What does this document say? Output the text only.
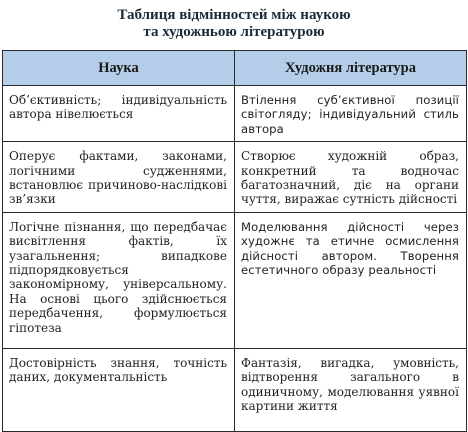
Таблиця відмінностей між наукою
та художньою літературою
Наука	Художня література
Об’єктивність; індивідуальність автора нівелюється	Втілення суб’єктивної позиції світогляду; індивідуальний стиль автора
Оперує фактами, законами, логічними судженнями, встановлює причиново-наслідкові зв’язки	Створює художній образ, конкретний та водночас багатозначний, діє на органи чуття, виражає сутність дійсності
Логічне пізнання, що передбачає висвітлення фактів, їх узагальнення; випадкове підпорядковується закономірному, універсальному. На основі цього здійснюється передбачення, формулюється гіпотеза	Моделювання дійсності через художнє та етичне осмислення дійсності автором. Творення естетичного образу реальності
Достовірність знання, точність даних, документальність	Фантазія, вигадка, умовність, відтворення загального в одиничному, моделювання уявної картини життя
